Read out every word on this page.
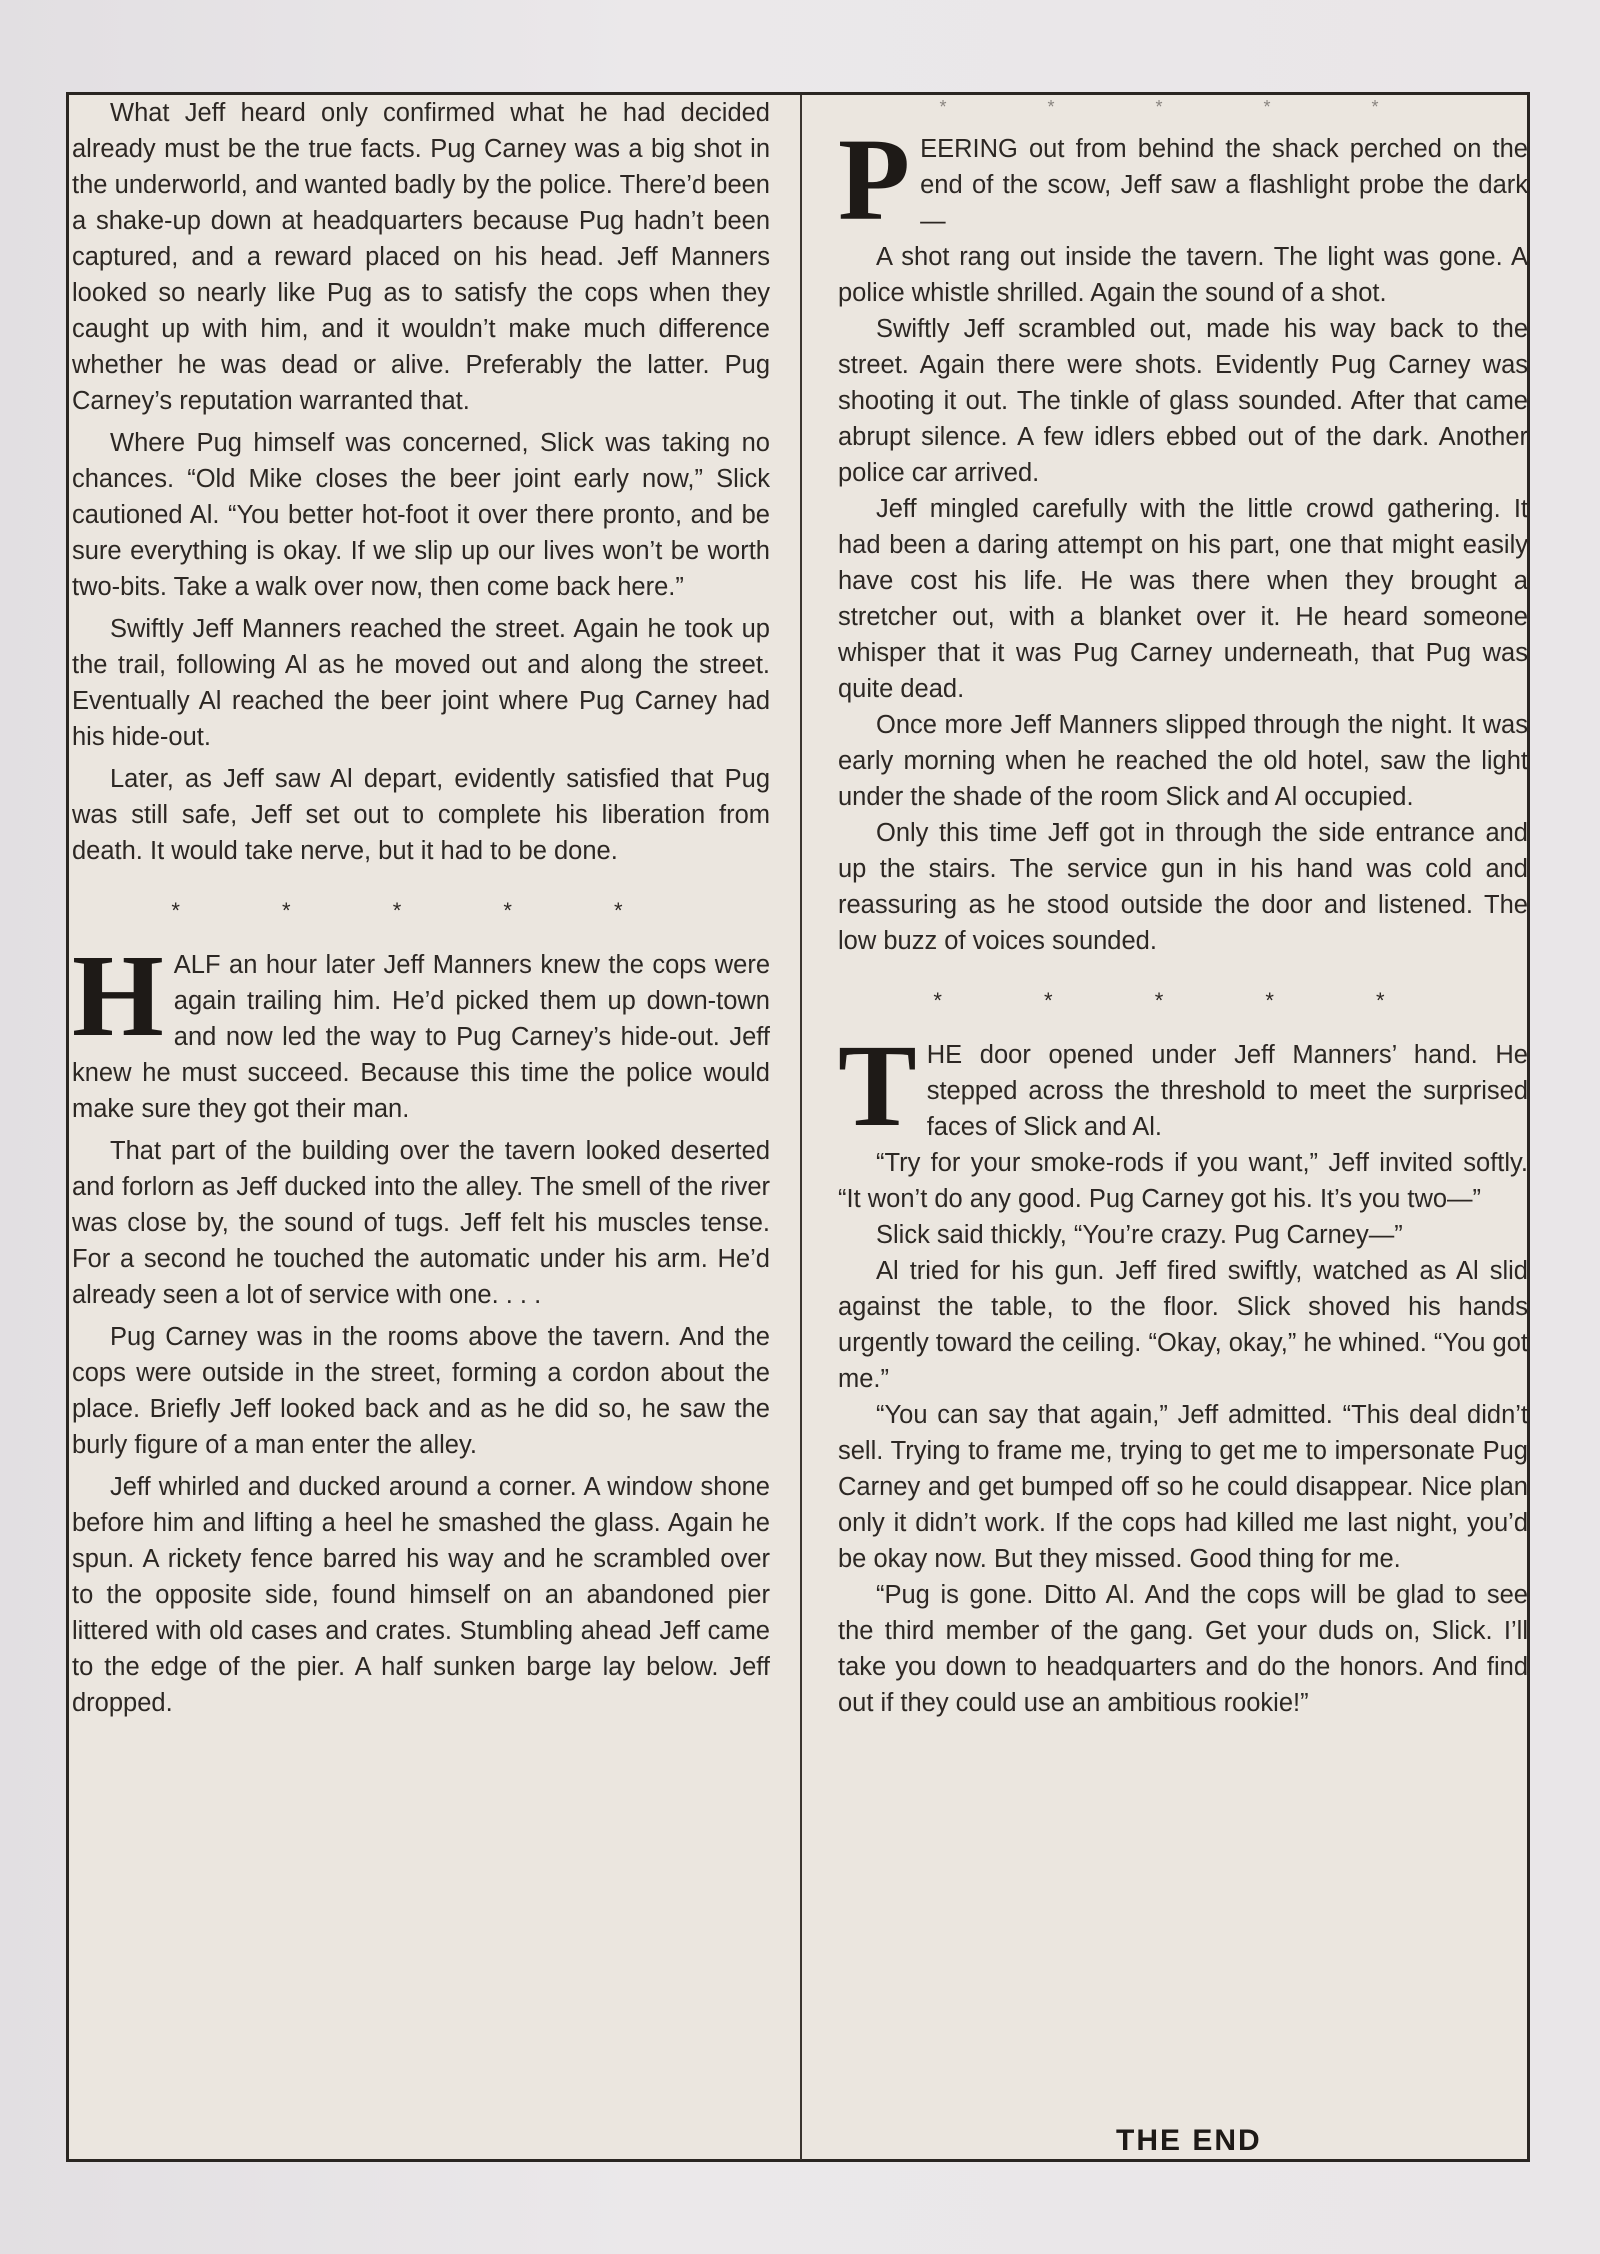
What Jeff heard only confirmed what he had decided already must be the true facts. Pug Carney was a big shot in the underworld, and wanted badly by the police. There’d been a shake-up down at headquarters because Pug hadn’t been captured, and a reward placed on his head. Jeff Manners looked so nearly like Pug as to satisfy the cops when they caught up with him, and it wouldn’t make much difference whether he was dead or alive. Preferably the latter. Pug Carney’s reputation warranted that.

Where Pug himself was concerned, Slick was taking no chances. “Old Mike closes the beer joint early now,” Slick cautioned Al. “You better hot-foot it over there pronto, and be sure everything is okay. If we slip up our lives won’t be worth two-bits. Take a walk over now, then come back here.”

Swiftly Jeff Manners reached the street. Again he took up the trail, following Al as he moved out and along the street. Eventually Al reached the beer joint where Pug Carney had his hide-out.

Later, as Jeff saw Al depart, evidently satisfied that Pug was still safe, Jeff set out to complete his liberation from death. It would take nerve, but it had to be done.

* * * * *

HALF an hour later Jeff Manners knew the cops were again trailing him. He’d picked them up down-town and now led the way to Pug Carney’s hide-out. Jeff knew he must succeed. Because this time the police would make sure they got their man.

That part of the building over the tavern looked deserted and forlorn as Jeff ducked into the alley. The smell of the river was close by, the sound of tugs. Jeff felt his muscles tense. For a second he touched the automatic under his arm. He’d already seen a lot of service with one. . . .

Pug Carney was in the rooms above the tavern. And the cops were outside in the street, forming a cordon about the place. Briefly Jeff looked back and as he did so, he saw the burly figure of a man enter the alley.

Jeff whirled and ducked around a corner. A window shone before him and lifting a heel he smashed the glass. Again he spun. A rickety fence barred his way and he scrambled over to the opposite side, found himself on an abandoned pier littered with old cases and crates. Stumbling ahead Jeff came to the edge of the pier. A half sunken barge lay below. Jeff dropped.

* * * * *

PEERING out from behind the shack perched on the end of the scow, Jeff saw a flashlight probe the dark—

A shot rang out inside the tavern. The light was gone. A police whistle shrilled. Again the sound of a shot.

Swiftly Jeff scrambled out, made his way back to the street. Again there were shots. Evidently Pug Carney was shooting it out. The tinkle of glass sounded. After that came abrupt silence. A few idlers ebbed out of the dark. Another police car arrived.

Jeff mingled carefully with the little crowd gathering. It had been a daring attempt on his part, one that might easily have cost his life. He was there when they brought a stretcher out, with a blanket over it. He heard someone whisper that it was Pug Carney underneath, that Pug was quite dead.

Once more Jeff Manners slipped through the night. It was early morning when he reached the old hotel, saw the light under the shade of the room Slick and Al occupied.

Only this time Jeff got in through the side entrance and up the stairs. The service gun in his hand was cold and reassuring as he stood outside the door and listened. The low buzz of voices sounded.

* * * * *

THE door opened under Jeff Manners’ hand. He stepped across the threshold to meet the surprised faces of Slick and Al.

“Try for your smoke-rods if you want,” Jeff invited softly. “It won’t do any good. Pug Carney got his. It’s you two—”

Slick said thickly, “You’re crazy. Pug Carney—”

Al tried for his gun. Jeff fired swiftly, watched as Al slid against the table, to the floor. Slick shoved his hands urgently toward the ceiling. “Okay, okay,” he whined. “You got me.”

“You can say that again,” Jeff admitted. “This deal didn’t sell. Trying to frame me, trying to get me to impersonate Pug Carney and get bumped off so he could disappear. Nice plan only it didn’t work. If the cops had killed me last night, you’d be okay now. But they missed. Good thing for me.

“Pug is gone. Ditto Al. And the cops will be glad to see the third member of the gang. Get your duds on, Slick. I’ll take you down to headquarters and do the honors. And find out if they could use an ambitious rookie!”

THE END
